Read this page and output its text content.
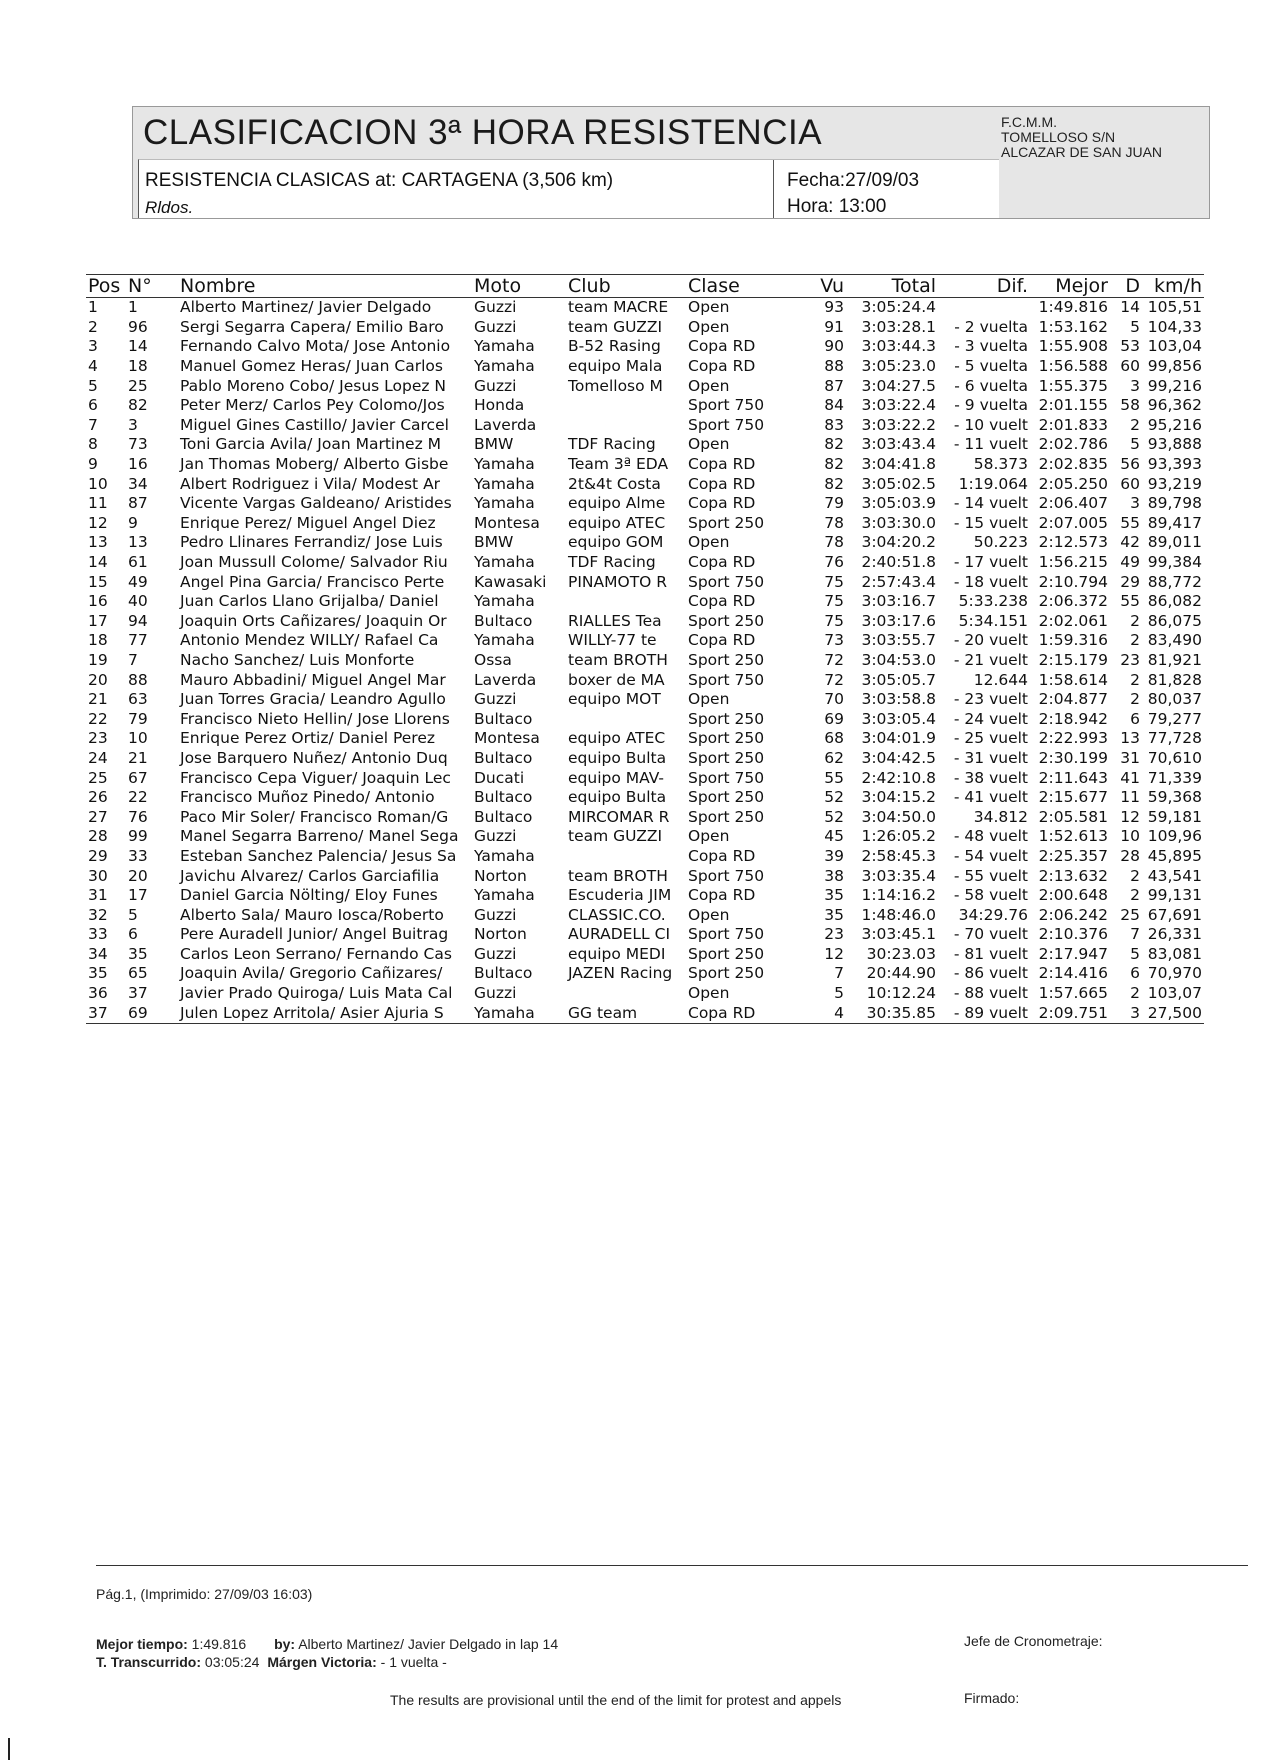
CLASIFICACION 3ª HORA RESISTENCIA	F.C.M.M.
TOMELLOSO S/N
ALCAZAR DE SAN JUAN
RESISTENCIA CLASICAS at: CARTAGENA (3,506 km)
Rldos.
Fecha:27/09/03
Hora: 13:00
Pos	N°	Nombre	Moto	Club	Clase	Vu	Total	Dif.	Mejor	D	km/h
1	1	Alberto Martinez/ Javier Delgado	Guzzi	team MACRE	Open	93	3:05:24.4		1:49.816	14	105,51
2	96	Sergi Segarra Capera/ Emilio Baro	Guzzi	team GUZZI	Open	91	3:03:28.1	- 2 vuelta	1:53.162	5	104,33
3	14	Fernando Calvo Mota/ Jose Antonio	Yamaha	B-52 Rasing	Copa RD	90	3:03:44.3	- 3 vuelta	1:55.908	53	103,04
4	18	Manuel Gomez Heras/ Juan Carlos	Yamaha	equipo Mala	Copa RD	88	3:05:23.0	- 5 vuelta	1:56.588	60	99,856
5	25	Pablo Moreno Cobo/ Jesus Lopez N	Guzzi	Tomelloso M	Open	87	3:04:27.5	- 6 vuelta	1:55.375	3	99,216
6	82	Peter Merz/ Carlos Pey Colomo/Jos	Honda		Sport 750	84	3:03:22.4	- 9 vuelta	2:01.155	58	96,362
7	3	Miguel Gines Castillo/ Javier Carcel	Laverda		Sport 750	83	3:03:22.2	- 10 vuelt	2:01.833	2	95,216
8	73	Toni Garcia Avila/ Joan Martinez M	BMW	TDF Racing	Open	82	3:03:43.4	- 11 vuelt	2:02.786	5	93,888
9	16	Jan Thomas Moberg/ Alberto Gisbe	Yamaha	Team 3ª EDA	Copa RD	82	3:04:41.8	58.373	2:02.835	56	93,393
10	34	Albert Rodriguez i Vila/ Modest Ar	Yamaha	2t&4t Costa	Copa RD	82	3:05:02.5	1:19.064	2:05.250	60	93,219
11	87	Vicente Vargas Galdeano/ Aristides	Yamaha	equipo Alme	Copa RD	79	3:05:03.9	- 14 vuelt	2:06.407	3	89,798
12	9	Enrique Perez/ Miguel Angel Diez	Montesa	equipo ATEC	Sport 250	78	3:03:30.0	- 15 vuelt	2:07.005	55	89,417
13	13	Pedro Llinares Ferrandiz/ Jose Luis	BMW	equipo GOM	Open	78	3:04:20.2	50.223	2:12.573	42	89,011
14	61	Joan Mussull Colome/ Salvador Riu	Yamaha	TDF Racing	Copa RD	76	2:40:51.8	- 17 vuelt	1:56.215	49	99,384
15	49	Angel Pina Garcia/ Francisco Perte	Kawasaki	PINAMOTO R	Sport 750	75	2:57:43.4	- 18 vuelt	2:10.794	29	88,772
16	40	Juan Carlos Llano Grijalba/ Daniel	Yamaha		Copa RD	75	3:03:16.7	5:33.238	2:06.372	55	86,082
17	94	Joaquin Orts Cañizares/ Joaquin Or	Bultaco	RIALLES Tea	Sport 250	75	3:03:17.6	5:34.151	2:02.061	2	86,075
18	77	Antonio Mendez WILLY/ Rafael Ca	Yamaha	WILLY-77 te	Copa RD	73	3:03:55.7	- 20 vuelt	1:59.316	2	83,490
19	7	Nacho Sanchez/ Luis Monforte	Ossa	team BROTH	Sport 250	72	3:04:53.0	- 21 vuelt	2:15.179	23	81,921
20	88	Mauro Abbadini/ Miguel Angel Mar	Laverda	boxer de MA	Sport 750	72	3:05:05.7	12.644	1:58.614	2	81,828
21	63	Juan Torres Gracia/ Leandro Agullo	Guzzi	equipo MOT	Open	70	3:03:58.8	- 23 vuelt	2:04.877	2	80,037
22	79	Francisco Nieto Hellin/ Jose Llorens	Bultaco		Sport 250	69	3:03:05.4	- 24 vuelt	2:18.942	6	79,277
23	10	Enrique Perez Ortiz/ Daniel Perez	Montesa	equipo ATEC	Sport 250	68	3:04:01.9	- 25 vuelt	2:22.993	13	77,728
24	21	Jose Barquero Nuñez/ Antonio Duq	Bultaco	equipo Bulta	Sport 250	62	3:04:42.5	- 31 vuelt	2:30.199	31	70,610
25	67	Francisco Cepa Viguer/ Joaquin Lec	Ducati	equipo MAV-	Sport 750	55	2:42:10.8	- 38 vuelt	2:11.643	41	71,339
26	22	Francisco Muñoz Pinedo/ Antonio	Bultaco	equipo Bulta	Sport 250	52	3:04:15.2	- 41 vuelt	2:15.677	11	59,368
27	76	Paco Mir Soler/ Francisco Roman/G	Bultaco	MIRCOMAR R	Sport 250	52	3:04:50.0	34.812	2:05.581	12	59,181
28	99	Manel Segarra Barreno/ Manel Sega	Guzzi	team GUZZI	Open	45	1:26:05.2	- 48 vuelt	1:52.613	10	109,96
29	33	Esteban Sanchez Palencia/ Jesus Sa	Yamaha		Copa RD	39	2:58:45.3	- 54 vuelt	2:25.357	28	45,895
30	20	Javichu Alvarez/ Carlos Garciafilia	Norton	team BROTH	Sport 750	38	3:03:35.4	- 55 vuelt	2:13.632	2	43,541
31	17	Daniel Garcia Nölting/ Eloy Funes	Yamaha	Escuderia JIM	Copa RD	35	1:14:16.2	- 58 vuelt	2:00.648	2	99,131
32	5	Alberto Sala/ Mauro Iosca/Roberto	Guzzi	CLASSIC.CO.	Open	35	1:48:46.0	34:29.76	2:06.242	25	67,691
33	6	Pere Auradell Junior/ Angel Buitrag	Norton	AURADELL CI	Sport 750	23	3:03:45.1	- 70 vuelt	2:10.376	7	26,331
34	35	Carlos Leon Serrano/ Fernando Cas	Guzzi	equipo MEDI	Sport 250	12	30:23.03	- 81 vuelt	2:17.947	5	83,081
35	65	Joaquin Avila/ Gregorio Cañizares/	Bultaco	JAZEN Racing	Sport 250	7	20:44.90	- 86 vuelt	2:14.416	6	70,970
36	37	Javier Prado Quiroga/ Luis Mata Cal	Guzzi		Open	5	10:12.24	- 88 vuelt	1:57.665	2	103,07
37	69	Julen Lopez Arritola/ Asier Ajuria S	Yamaha	GG team	Copa RD	4	30:35.85	- 89 vuelt	2:09.751	3	27,500
Pág.1, (Imprimido: 27/09/03 16:03)
Mejor tiempo: 1:49.816 by: Alberto Martinez/ Javier Delgado in lap 14
T. Transcurrido: 03:05:24 Márgen Victoria: - 1 vuelta -
Jefe de Cronometraje:
Firmado:
The results are provisional until the end of the limit for protest and appels
